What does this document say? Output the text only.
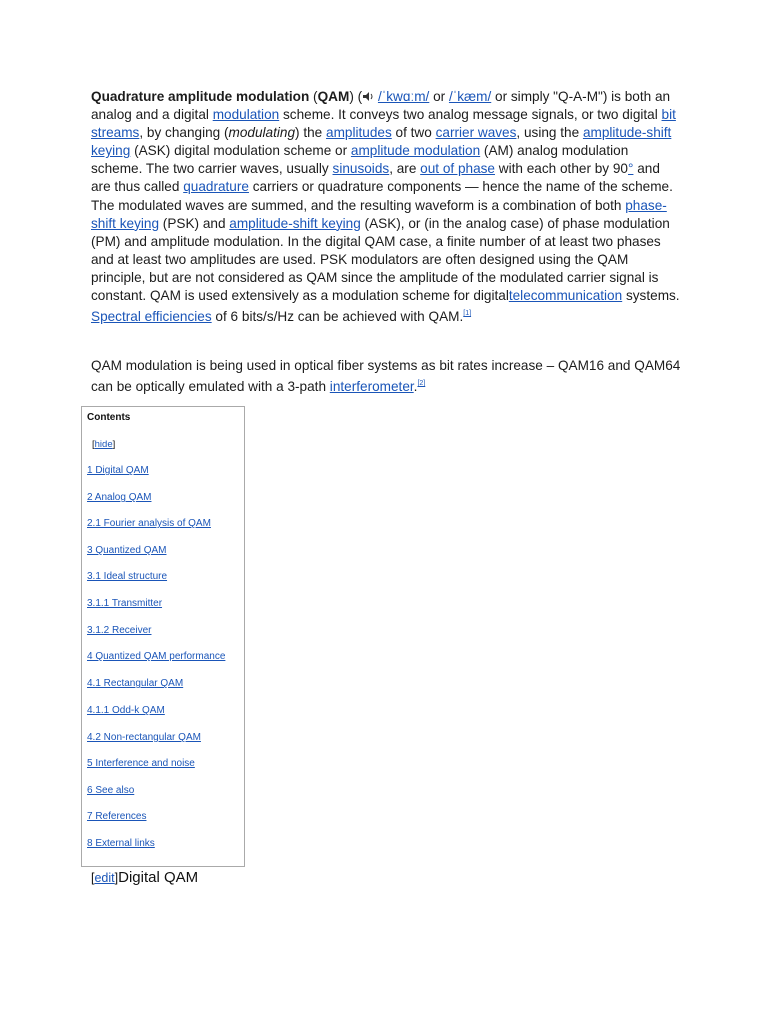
Quadrature amplitude modulation (QAM) ( /ˈkwɑːm/ or /ˈkæm/ or simply "Q-A-M") is both an analog and a digital modulation scheme. It conveys two analog message signals, or two digital bit streams, by changing (modulating) the amplitudes of two carrier waves, using the amplitude-shift keying (ASK) digital modulation scheme or amplitude modulation (AM) analog modulation scheme. The two carrier waves, usually sinusoids, are out of phase with each other by 90° and are thus called quadrature carriers or quadrature components — hence the name of the scheme. The modulated waves are summed, and the resulting waveform is a combination of both phase-shift keying (PSK) and amplitude-shift keying (ASK), or (in the analog case) of phase modulation (PM) and amplitude modulation. In the digital QAM case, a finite number of at least two phases and at least two amplitudes are used. PSK modulators are often designed using the QAM principle, but are not considered as QAM since the amplitude of the modulated carrier signal is constant. QAM is used extensively as a modulation scheme for digitaltelecommunication systems. Spectral efficiencies of 6 bits/s/Hz can be achieved with QAM.[1]

QAM modulation is being used in optical fiber systems as bit rates increase – QAM16 and QAM64 can be optically emulated with a 3-path interferometer.[2]

Contents
[hide]
1 Digital QAM
2 Analog QAM
2.1 Fourier analysis of QAM
3 Quantized QAM
3.1 Ideal structure
3.1.1 Transmitter
3.1.2 Receiver
4 Quantized QAM performance
4.1 Rectangular QAM
4.1.1 Odd-k QAM
4.2 Non-rectangular QAM
5 Interference and noise
6 See also
7 References
8 External links
[edit]Digital QAM
